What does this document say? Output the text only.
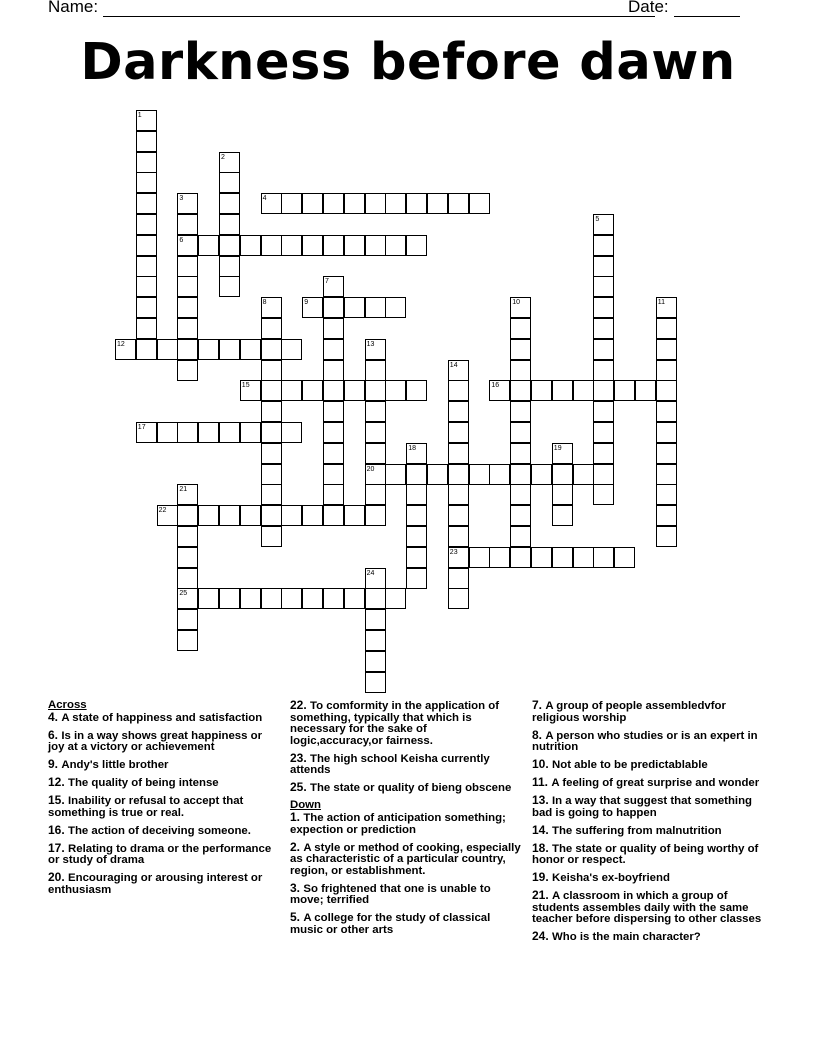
Name:	Date:
Darkness before dawn
1
2
3
6
4
5
7
8	9	10	11
12	13
20
14
23
15	16
17
18	19
21
25
22
24
Across
4. A state of happiness and satisfaction
6. Is in a way shows great happiness or joy at a victory or achievement
9. Andy's little brother
12. The quality of being intense
15. Inability or refusal to accept that something is true or real.
16. The action of deceiving someone.
17. Relating to drama or the performance or study of drama
20. Encouraging or arousing interest or enthusiasm
22. To comformity in the application of something, typically that which is necessary for the sake of logic,accuracy,or fairness.
23. The high school Keisha currently attends
25. The state or quality of bieng obscene
Down
1. The action of anticipation something; expection or prediction
2. A style or method of cooking, especially as characteristic of a particular country, region, or establishment.
3. So frightened that one is unable to move; terrified
5. A college for the study of classical music or other arts
7. A group of people assembledvfor religious worship
8. A person who studies or is an expert in nutrition
10. Not able to be predictablable
11. A feeling of great surprise and wonder
13. In a way that suggest that something bad is going to happen
14. The suffering from malnutrition
18. The state or quality of being worthy of honor or respect.
19. Keisha's ex-boyfriend
21. A classroom in which a group of students assembles daily with the same teacher before dispersing to other classes
24. Who is the main character?
